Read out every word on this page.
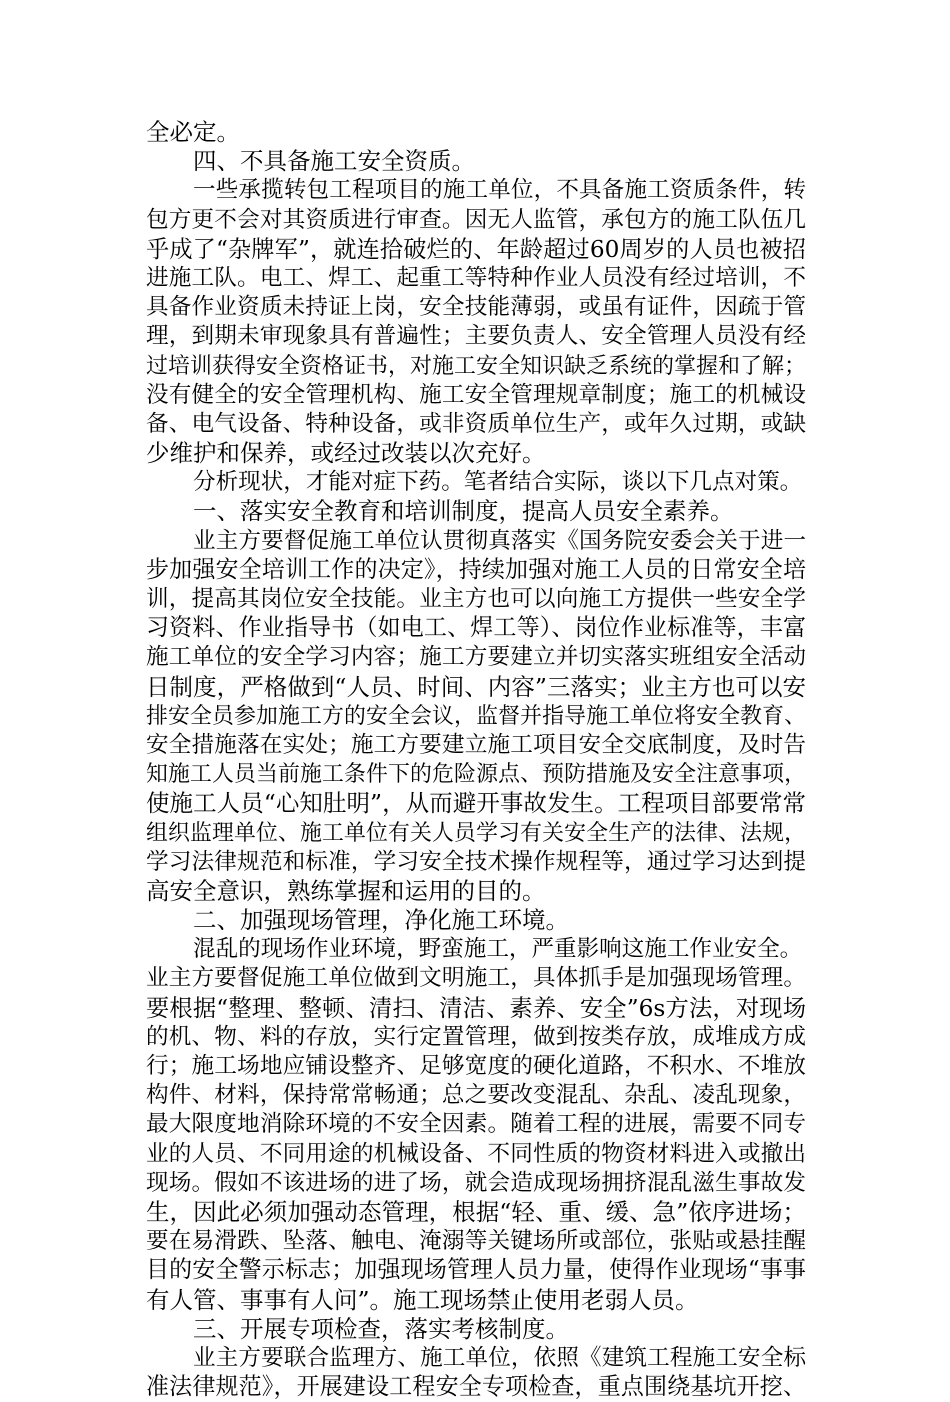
全必定。
四、不具备施工安全资质。
一些承揽转包工程项目的施工单位，不具备施工资质条件，转
包方更不会对其资质进行审查。因无人监管，承包方的施工队伍几
乎成了“杂牌军”，就连拾破烂的、年龄超过60周岁的人员也被招
进施工队。电工、焊工、起重工等特种作业人员没有经过培训，不
具备作业资质未持证上岗，安全技能薄弱，或虽有证件，因疏于管
理，到期未审现象具有普遍性；主要负责人、安全管理人员没有经
过培训获得安全资格证书，对施工安全知识缺乏系统的掌握和了解；
没有健全的安全管理机构、施工安全管理规章制度；施工的机械设
备、电气设备、特种设备，或非资质单位生产，或年久过期，或缺
少维护和保养，或经过改装以次充好。
分析现状，才能对症下药。笔者结合实际，谈以下几点对策。
一、落实安全教育和培训制度，提高人员安全素养。
业主方要督促施工单位认贯彻真落实《国务院安委会关于进一
步加强安全培训工作的决定》，持续加强对施工人员的日常安全培
训，提高其岗位安全技能。业主方也可以向施工方提供一些安全学
习资料、作业指导书（如电工、焊工等）、岗位作业标准等，丰富
施工单位的安全学习内容；施工方要建立并切实落实班组安全活动
日制度，严格做到“人员、时间、内容”三落实；业主方也可以安
排安全员参加施工方的安全会议，监督并指导施工单位将安全教育、
安全措施落在实处；施工方要建立施工项目安全交底制度，及时告
知施工人员当前施工条件下的危险源点、预防措施及安全注意事项，
使施工人员“心知肚明”，从而避开事故发生。工程项目部要常常
组织监理单位、施工单位有关人员学习有关安全生产的法律、法规，
学习法律规范和标准，学习安全技术操作规程等，通过学习达到提
高安全意识，熟练掌握和运用的目的。
二、加强现场管理，净化施工环境。
混乱的现场作业环境，野蛮施工，严重影响这施工作业安全。
业主方要督促施工单位做到文明施工，具体抓手是加强现场管理。
要根据“整理、整顿、清扫、清洁、素养、安全”6s方法，对现场
的机、物、料的存放，实行定置管理，做到按类存放，成堆成方成
行；施工场地应铺设整齐、足够宽度的硬化道路，不积水、不堆放
构件、材料，保持常常畅通；总之要改变混乱、杂乱、凌乱现象，
最大限度地消除环境的不安全因素。随着工程的进展，需要不同专
业的人员、不同用途的机械设备、不同性质的物资材料进入或撤出
现场。假如不该进场的进了场，就会造成现场拥挤混乱滋生事故发
生，因此必须加强动态管理，根据“轻、重、缓、急”依序进场；
要在易滑跌、坠落、触电、淹溺等关键场所或部位，张贴或悬挂醒
目的安全警示标志；加强现场管理人员力量，使得作业现场“事事
有人管、事事有人问”。施工现场禁止使用老弱人员。
三、开展专项检查，落实考核制度。
业主方要联合监理方、施工单位，依照《建筑工程施工安全标
准法律规范》，开展建设工程安全专项检查，重点围绕基坑开挖、
